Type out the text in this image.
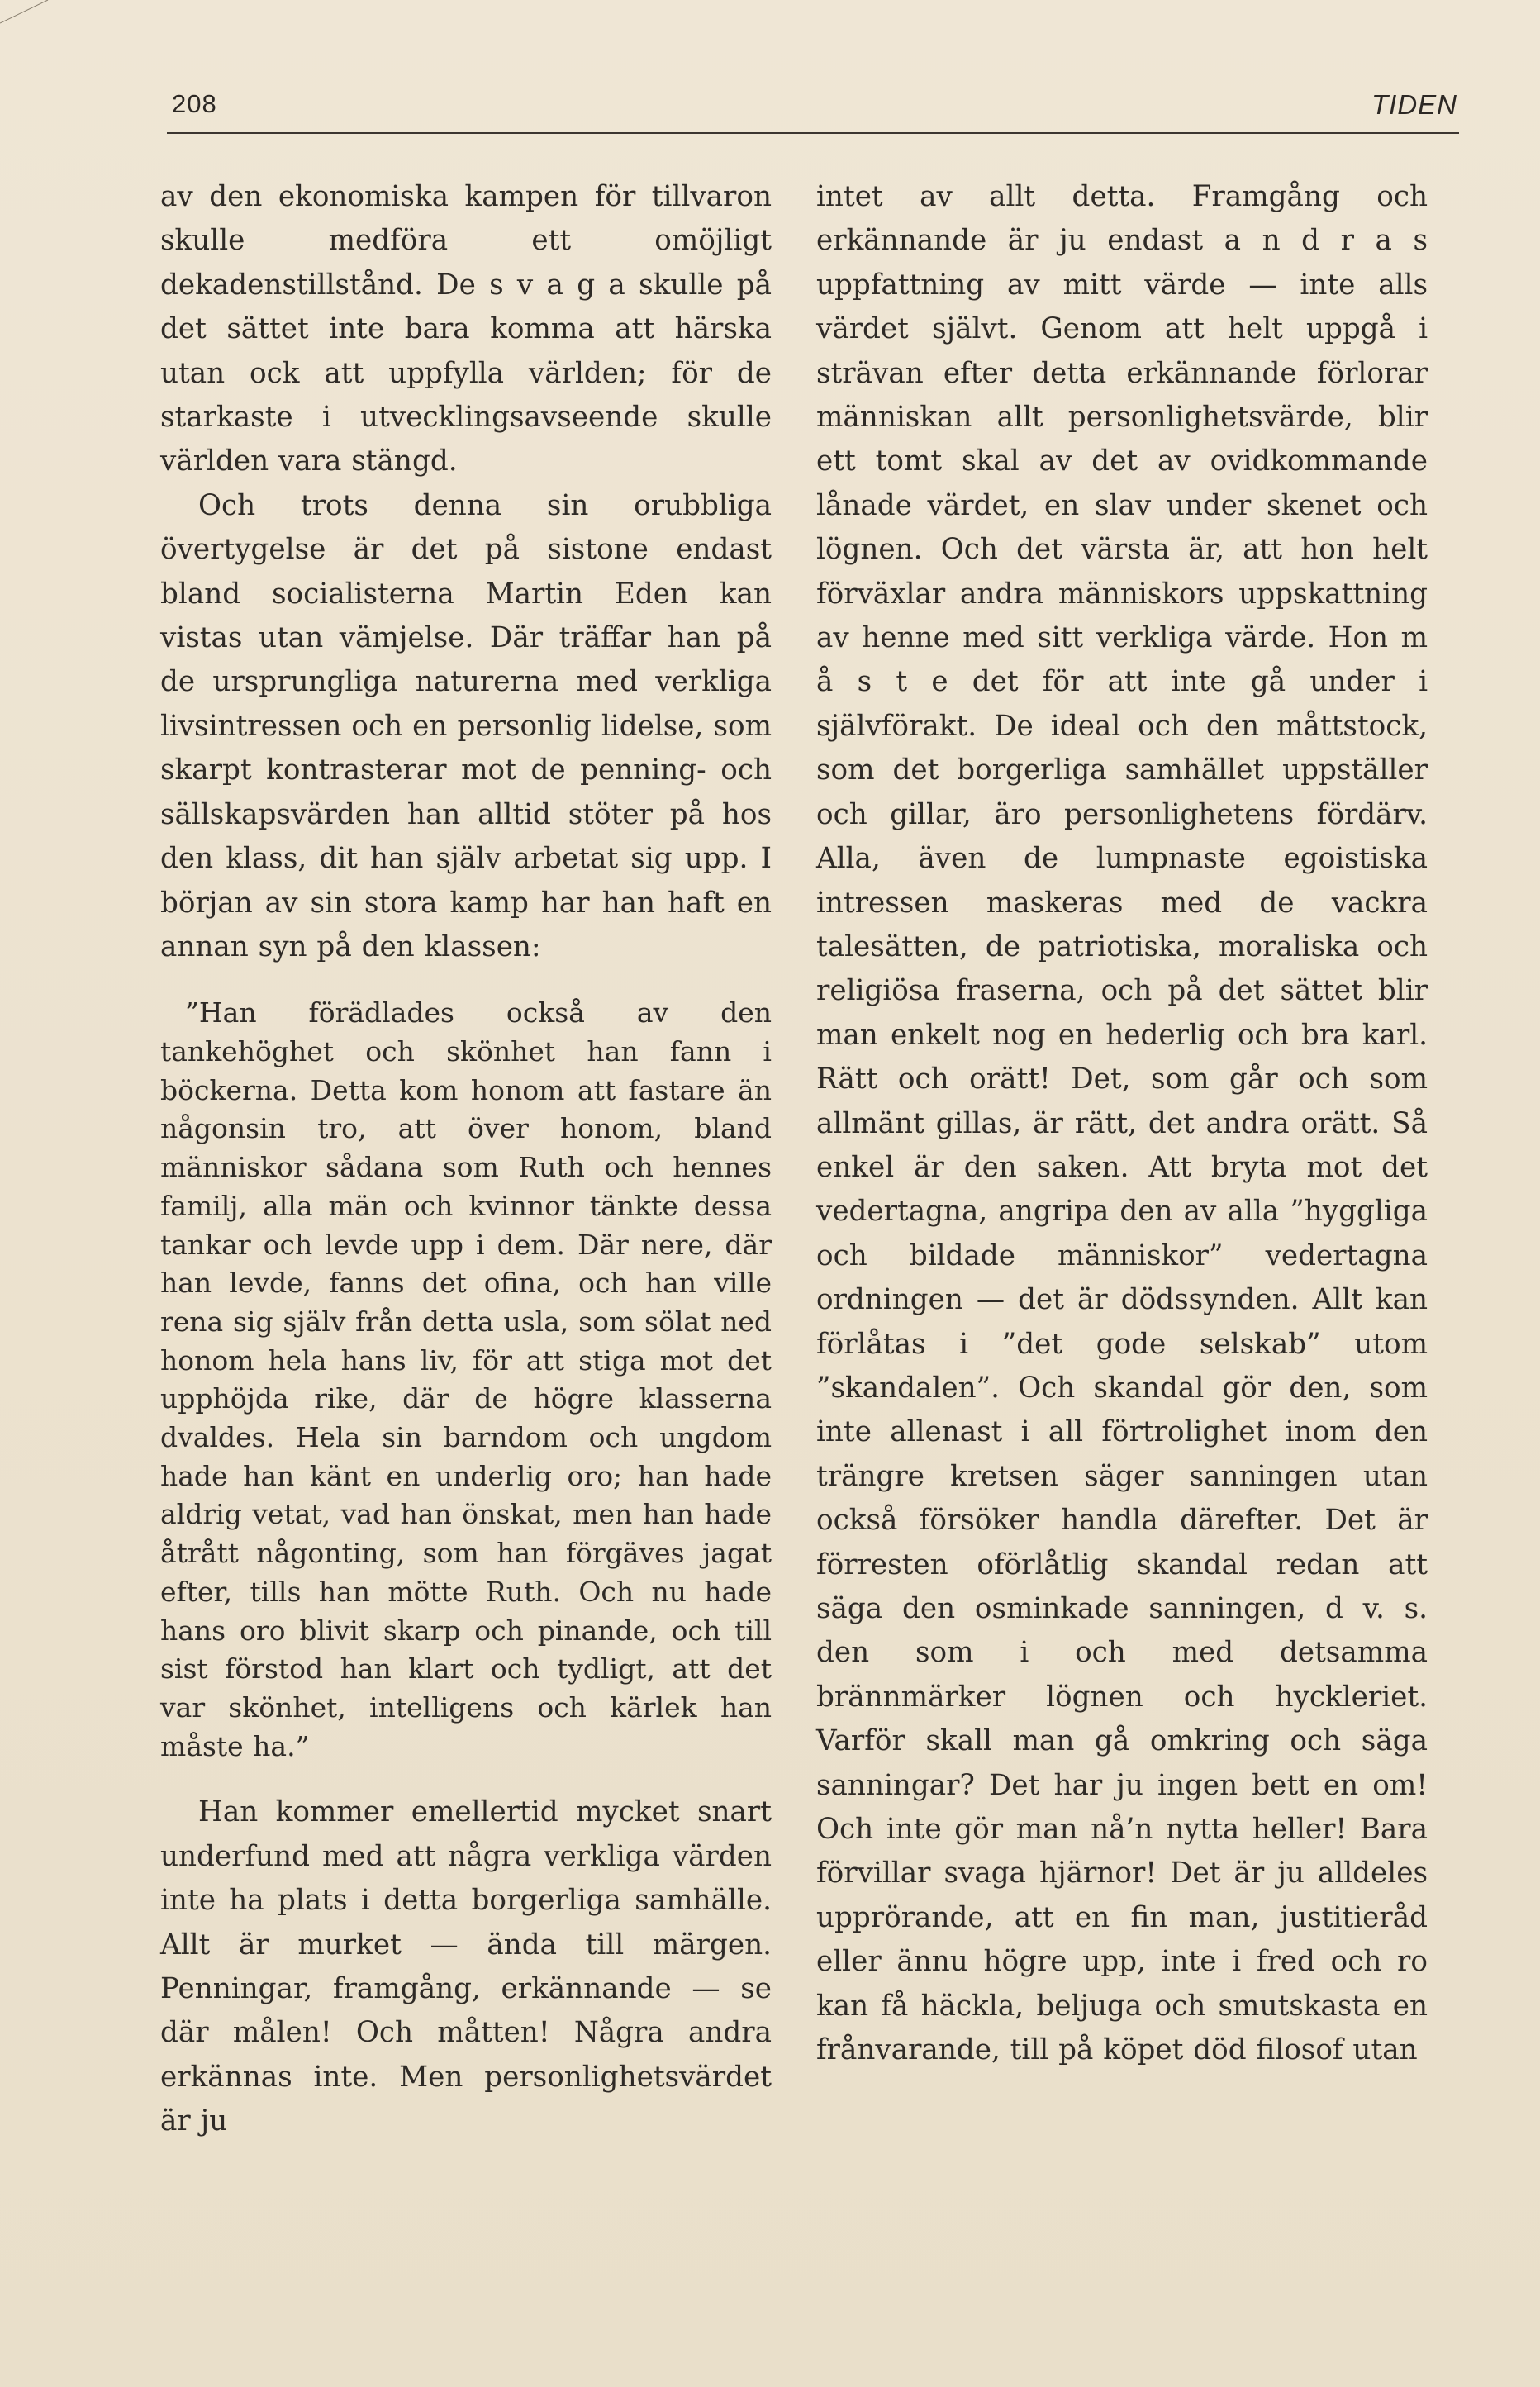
208	TIDEN

av den ekonomiska kampen för tillvaron skulle medföra ett omöjligt dekadenstillstånd. De s v a g a skulle på det sättet inte bara komma att härska utan ock att uppfylla världen; för de starkaste i utvecklingsavseende skulle världen vara stängd.

Och trots denna sin orubbliga övertygelse är det på sistone endast bland socialisterna Martin Eden kan vistas utan vämjelse. Där träffar han på de ursprungliga naturerna med verkliga livsintressen och en personlig lidelse, som skarpt kontrasterar mot de penning- och sällskapsvärden han alltid stöter på hos den klass, dit han själv arbetat sig upp. I början av sin stora kamp har han haft en annan syn på den klassen:

”Han förädlades också av den tankehöghet och skönhet han fann i böckerna. Detta kom honom att fastare än någonsin tro, att över honom, bland människor sådana som Ruth och hennes familj, alla män och kvinnor tänkte dessa tankar och levde upp i dem. Där nere, där han levde, fanns det ofina, och han ville rena sig själv från detta usla, som sölat ned honom hela hans liv, för att stiga mot det upphöjda rike, där de högre klasserna dvaldes. Hela sin barndom och ungdom hade han känt en underlig oro; han hade aldrig vetat, vad han önskat, men han hade åtrått någonting, som han förgäves jagat efter, tills han mötte Ruth. Och nu hade hans oro blivit skarp och pinande, och till sist förstod han klart och tydligt, att det var skönhet, intelligens och kärlek han måste ha.”

Han kommer emellertid mycket snart underfund med att några verkliga värden inte ha plats i detta borgerliga samhälle. Allt är murket — ända till märgen. Penningar, framgång, erkännande — se där målen! Och måtten! Några andra erkännas inte. Men personlighetsvärdet är ju

intet av allt detta. Framgång och erkännande är ju endast a n d r a s uppfattning av mitt värde — inte alls värdet självt. Genom att helt uppgå i strävan efter detta erkännande förlorar människan allt personlighetsvärde, blir ett tomt skal av det av ovidkommande lånade värdet, en slav under skenet och lögnen. Och det värsta är, att hon helt förväxlar andra människors uppskattning av henne med sitt verkliga värde. Hon m å s t e det för att inte gå under i självförakt. De ideal och den måttstock, som det borgerliga samhället uppställer och gillar, äro personlighetens fördärv. Alla, även de lumpnaste egoistiska intressen maskeras med de vackra talesätten, de patriotiska, moraliska och religiösa fraserna, och på det sättet blir man enkelt nog en hederlig och bra karl. Rätt och orätt! Det, som går och som allmänt gillas, är rätt, det andra orätt. Så enkel är den saken. Att bryta mot det vedertagna, angripa den av alla ”hyggliga och bildade människor” vedertagna ordningen — det är dödssynden. Allt kan förlåtas i ”det gode selskab” utom ”skandalen”. Och skandal gör den, som inte allenast i all förtrolighet inom den trängre kretsen säger sanningen utan också försöker handla därefter. Det är förresten oförlåtlig skandal redan att säga den osminkade sanningen, d v. s. den som i och med detsamma brännmärker lögnen och hyckleriet. Varför skall man gå omkring och säga sanningar? Det har ju ingen bett en om! Och inte gör man nå’n nytta heller! Bara förvillar svaga hjärnor! Det är ju alldeles upprörande, att en fin man, justitieråd eller ännu högre upp, inte i fred och ro kan få häckla, beljuga och smutskasta en frånvarande, till på köpet död filosof utan
